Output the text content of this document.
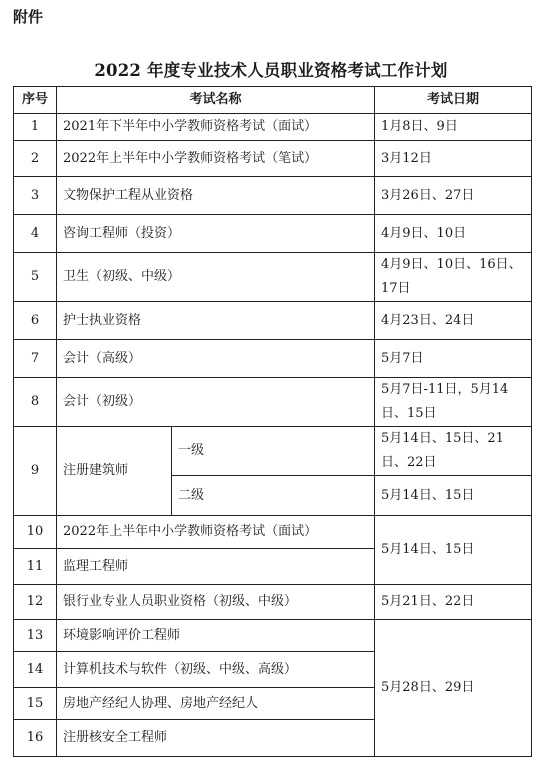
附件
2022 年度专业技术人员职业资格考试工作计划
序号	考试名称		考试日期
1	2021年下半年中小学教师资格考试（面试）		1月8日、9日
2	2022年上半年中小学教师资格考试（笔试）		3月12日
3	文物保护工程从业资格		3月26日、27日
4	咨询工程师（投资）		4月9日、10日
5	卫生（初级、中级）		4月9日、10日、16日、17日
6	护士执业资格		4月23日、24日
7	会计（高级）		5月7日
8	会计（初级）		5月7日-11日，5月14日、15日
9	注册建筑师	一级	5月14日、15日、21日、22日
		二级	5月14日、15日
10	2022年上半年中小学教师资格考试（面试）		5月14日、15日
11	监理工程师		
12	银行业专业人员职业资格（初级、中级）		5月21日、22日
13	环境影响评价工程师		5月28日、29日
14	计算机技术与软件（初级、中级、高级）		
15	房地产经纪人协理、房地产经纪人		
16	注册核安全工程师		
